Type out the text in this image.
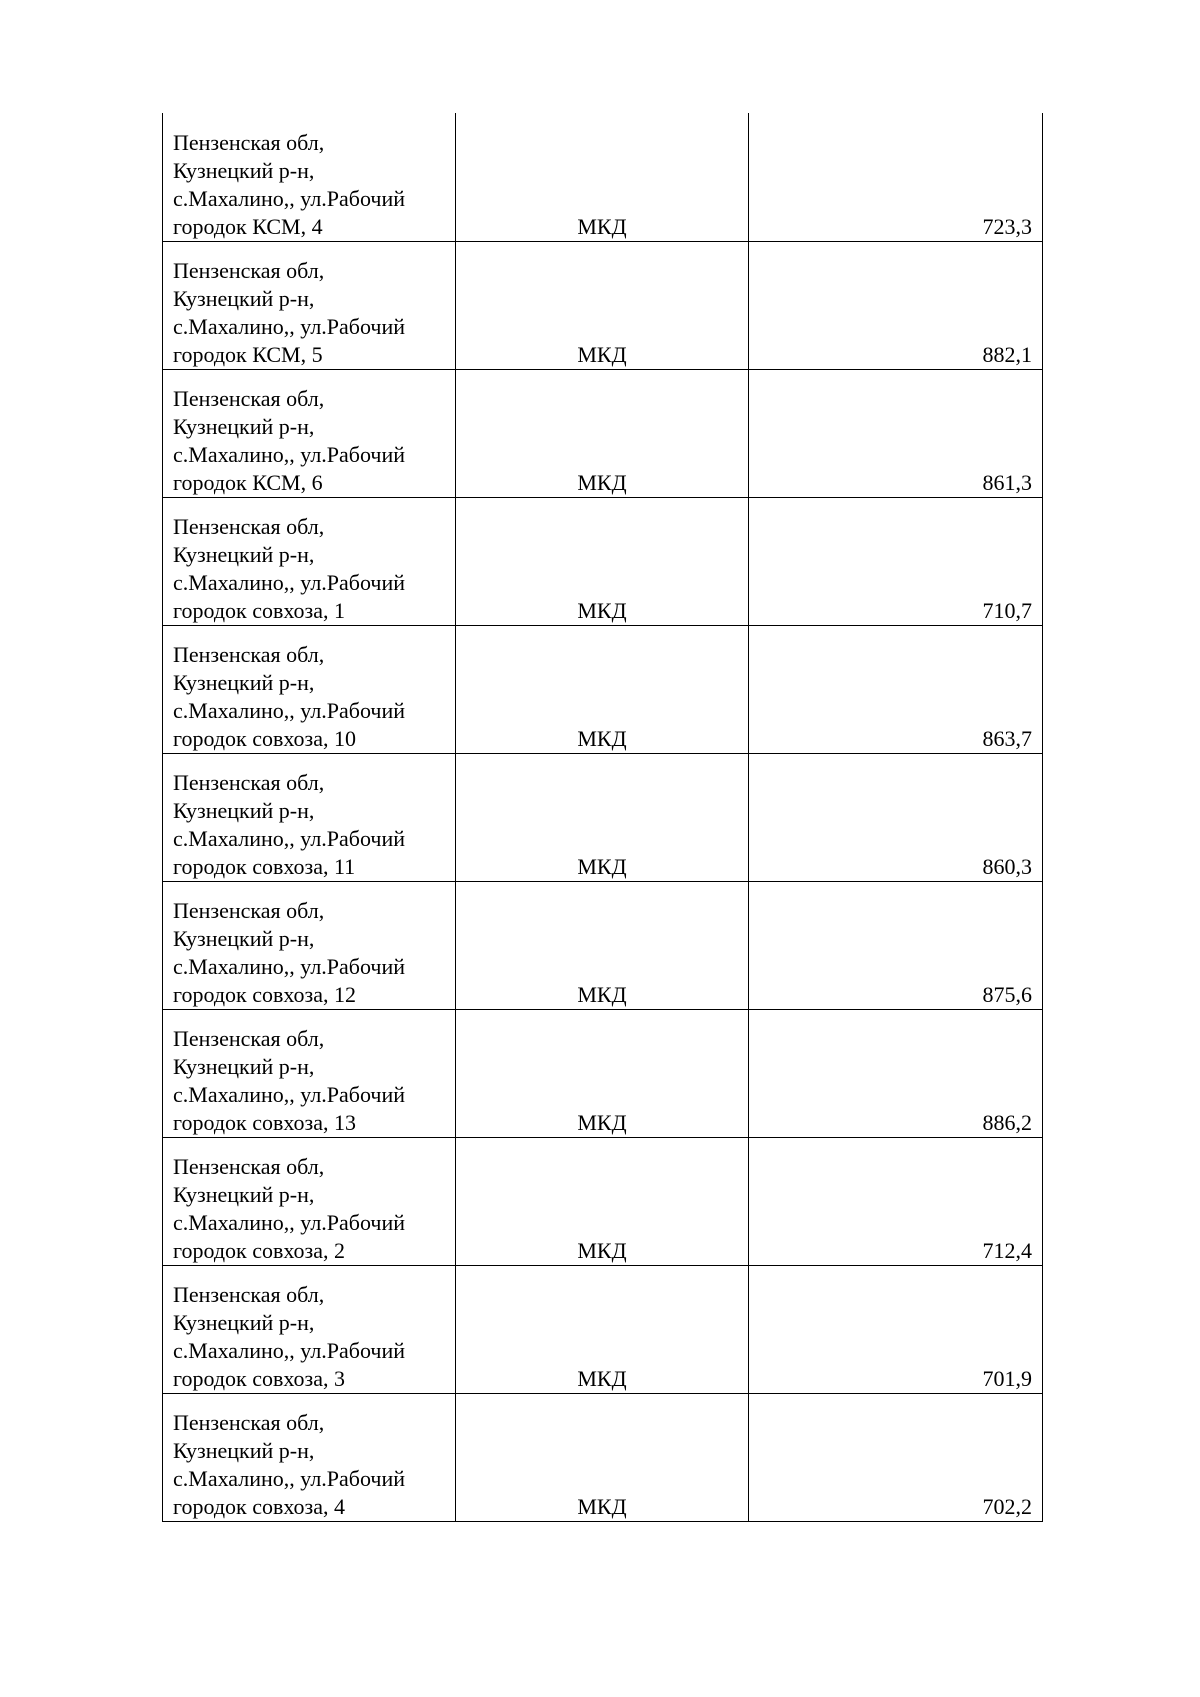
Пензенская обл,
Кузнецкий р-н,
с.Махалино,, ул.Рабочий
городок КСМ, 4	МКД	723,3
Пензенская обл,
Кузнецкий р-н,
с.Махалино,, ул.Рабочий
городок КСМ, 5	МКД	882,1
Пензенская обл,
Кузнецкий р-н,
с.Махалино,, ул.Рабочий
городок КСМ, 6	МКД	861,3
Пензенская обл,
Кузнецкий р-н,
с.Махалино,, ул.Рабочий
городок совхоза, 1	МКД	710,7
Пензенская обл,
Кузнецкий р-н,
с.Махалино,, ул.Рабочий
городок совхоза, 10	МКД	863,7
Пензенская обл,
Кузнецкий р-н,
с.Махалино,, ул.Рабочий
городок совхоза, 11	МКД	860,3
Пензенская обл,
Кузнецкий р-н,
с.Махалино,, ул.Рабочий
городок совхоза, 12	МКД	875,6
Пензенская обл,
Кузнецкий р-н,
с.Махалино,, ул.Рабочий
городок совхоза, 13	МКД	886,2
Пензенская обл,
Кузнецкий р-н,
с.Махалино,, ул.Рабочий
городок совхоза, 2	МКД	712,4
Пензенская обл,
Кузнецкий р-н,
с.Махалино,, ул.Рабочий
городок совхоза, 3	МКД	701,9
Пензенская обл,
Кузнецкий р-н,
с.Махалино,, ул.Рабочий
городок совхоза, 4	МКД	702,2
